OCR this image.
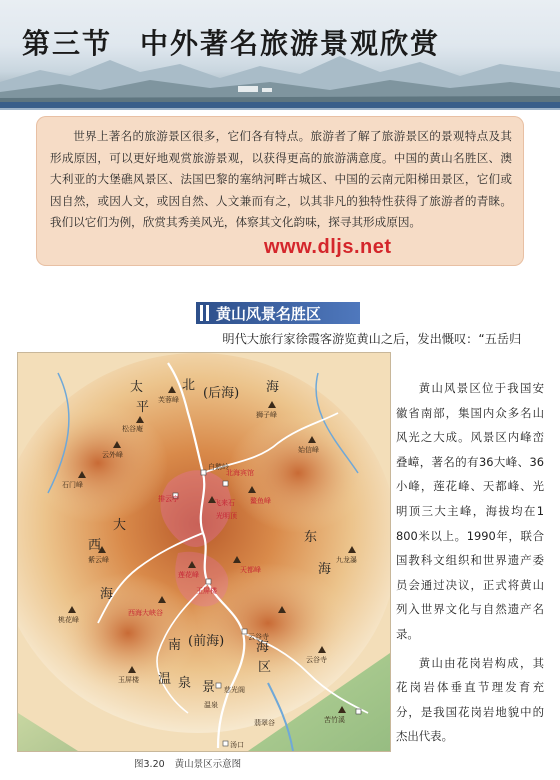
第三节 中外著名旅游景观欣赏
世界上著名的旅游景区很多，它们各有特点。旅游者了解了旅游景区的景观特点及其形成原因，可以更好地观赏旅游景观，以获得更高的旅游满意度。中国的黄山名胜区、澳大利亚的大堡礁风景区、法国巴黎的塞纳河畔古城区、中国的云南元阳梯田景区，它们或因自然，或因人文，或因自然、人文兼而有之，以其非凡的独特性获得了旅游者的青睐。我们以它们为例，欣赏其秀美风光，体察其文化韵味，探寻其形成原因。
www.dljs.net
黄山风景名胜区
明代大旅行家徐霞客游览黄山之后，发出慨叹：“五岳归
太
平
北
(后海) 海
大
西
海
东
海
南 (前海) 海
温 泉 景
区
云外峰
石门峰
松谷庵
芙蓉峰
狮子峰
始信峰
紫云峰
桃花峰
玉屏楼
九龙瀑
苦竹溪
云谷寺
飞来石
光明顶
莲花峰
天都峰
鳌鱼峰
玉屏楼
北海宾馆
排云亭
西海大峡谷
白鹅岭
云谷寺
慈光阁
温泉
翡翠谷
汤口
图3.20 黄山景区示意图

黄山风景区位于我国安徽省南部，集国内众多名山风光之大成。风景区内峰峦叠嶂，著名的有36大峰、36小峰，莲花峰、天都峰、光明顶三大主峰，海拔均在1 800米以上。1990年，联合国教科文组织和世界遗产委员会通过决议，正式将黄山列入世界文化与自然遗产名录。

黄山由花岗岩构成，其花岗岩体垂直节理发育充分，是我国花岗岩地貌中的杰出代表。
